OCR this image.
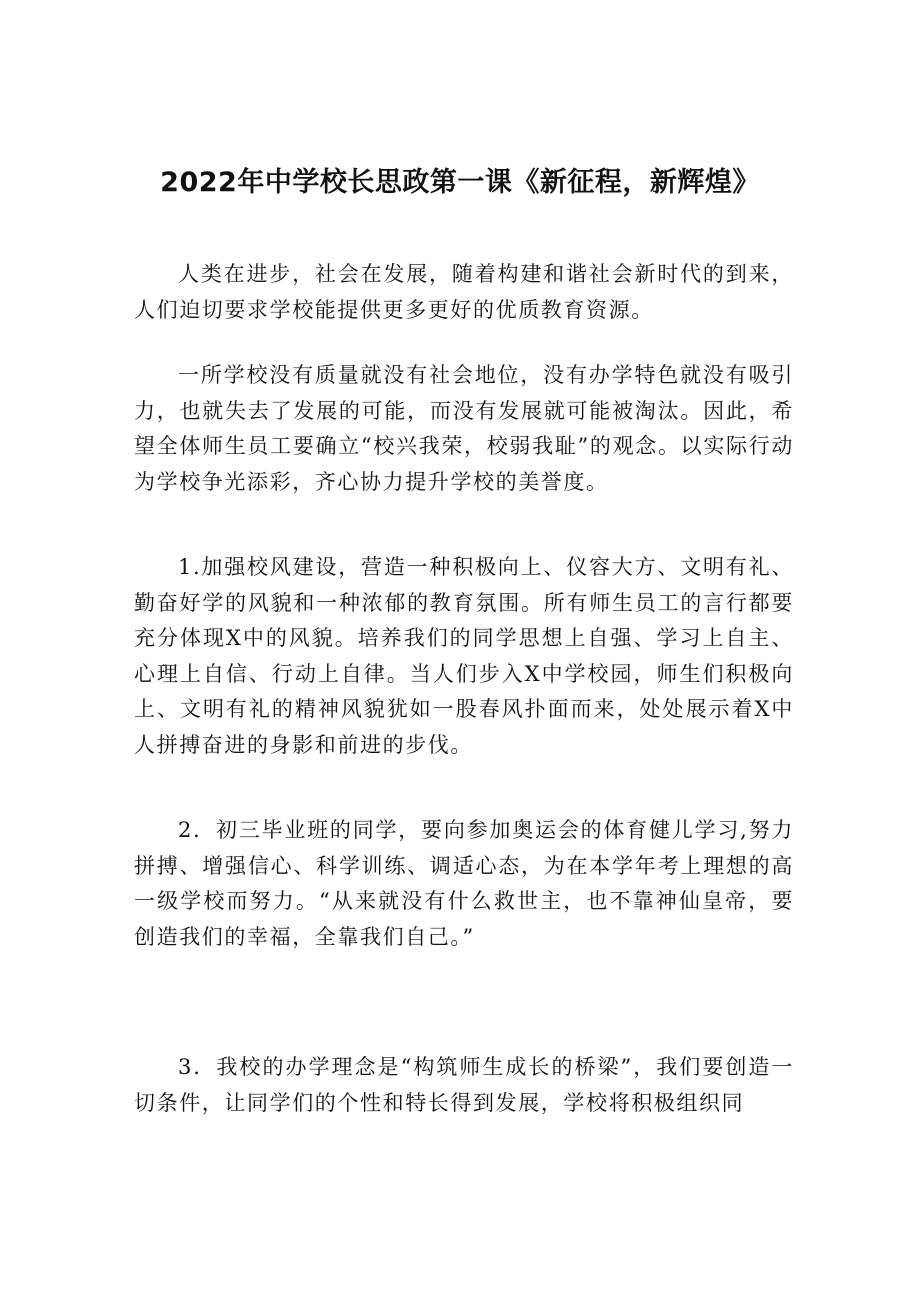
2022年中学校长思政第一课《新征程，新辉煌》

人类在进步，社会在发展，随着构建和谐社会新时代的到来，人们迫切要求学校能提供更多更好的优质教育资源。

一所学校没有质量就没有社会地位，没有办学特色就没有吸引力，也就失去了发展的可能，而没有发展就可能被淘汰。因此，希望全体师生员工要确立“校兴我荣，校弱我耻”的观念。以实际行动为学校争光添彩，齐心协力提升学校的美誉度。

1.加强校风建设，营造一种积极向上、仪容大方、文明有礼、勤奋好学的风貌和一种浓郁的教育氛围。所有师生员工的言行都要充分体现X中的风貌。培养我们的同学思想上自强、学习上自主、心理上自信、行动上自律。当人们步入X中学校园，师生们积极向上、文明有礼的精神风貌犹如一股春风扑面而来，处处展示着X中人拼搏奋进的身影和前进的步伐。

2．初三毕业班的同学，要向参加奥运会的体育健儿学习,努力拼搏、增强信心、科学训练、调适心态，为在本学年考上理想的高一级学校而努力。“从来就没有什么救世主，也不靠神仙皇帝，要创造我们的幸福，全靠我们自己。”

3．我校的办学理念是“构筑师生成长的桥梁”，我们要创造一切条件，让同学们的个性和特长得到发展，学校将积极组织同
